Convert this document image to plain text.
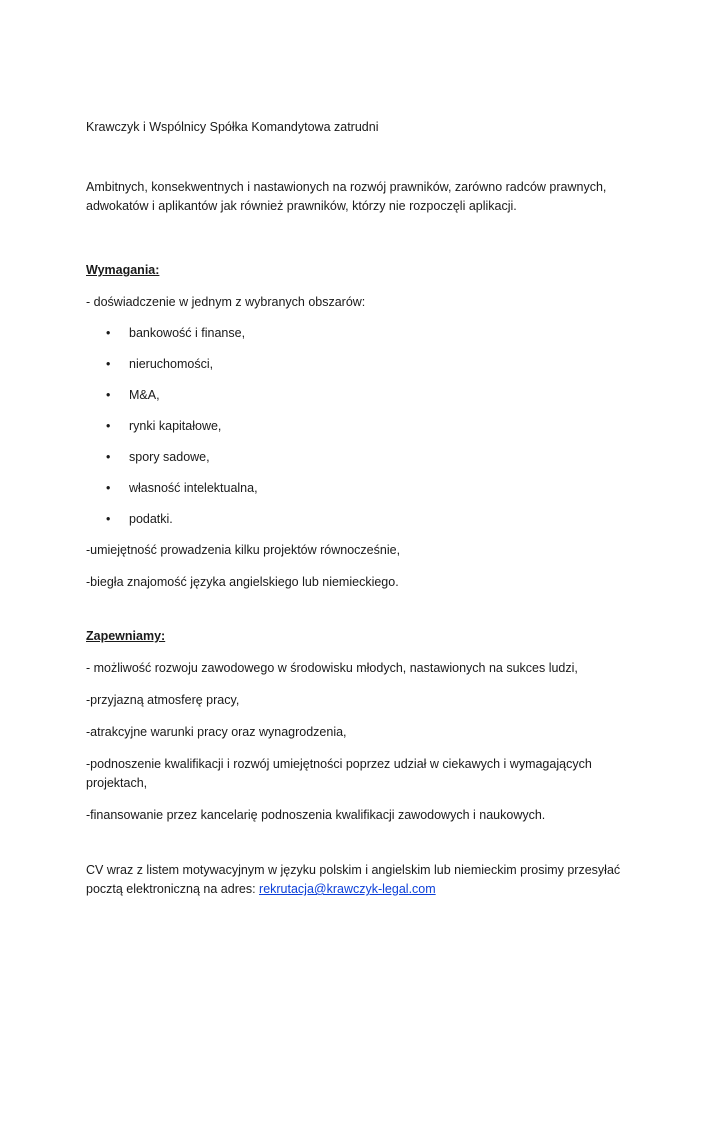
Krawczyk i Wspólnicy Spółka Komandytowa zatrudni

Ambitnych, konsekwentnych i nastawionych na rozwój prawników, zarówno radców prawnych, adwokatów i aplikantów jak również prawników, którzy nie rozpoczęli aplikacji.

Wymagania:

- doświadczenie w jednym z wybranych obszarów:

• bankowość i finanse,
• nieruchomości,
• M&A,
• rynki kapitałowe,
• spory sadowe,
• własność intelektualna,
• podatki.

-umiejętność prowadzenia kilku projektów równocześnie,

-biegła znajomość języka angielskiego lub niemieckiego.

Zapewniamy:

- możliwość rozwoju zawodowego w środowisku młodych, nastawionych na sukces ludzi,

-przyjazną atmosferę pracy,

-atrakcyjne warunki pracy oraz wynagrodzenia,

-podnoszenie kwalifikacji i rozwój umiejętności poprzez udział w ciekawych i wymagających projektach,

-finansowanie przez kancelarię podnoszenia kwalifikacji zawodowych i naukowych.

CV wraz z listem motywacyjnym w języku polskim i angielskim lub niemieckim prosimy przesyłać pocztą elektroniczną na adres: rekrutacja@krawczyk-legal.com
